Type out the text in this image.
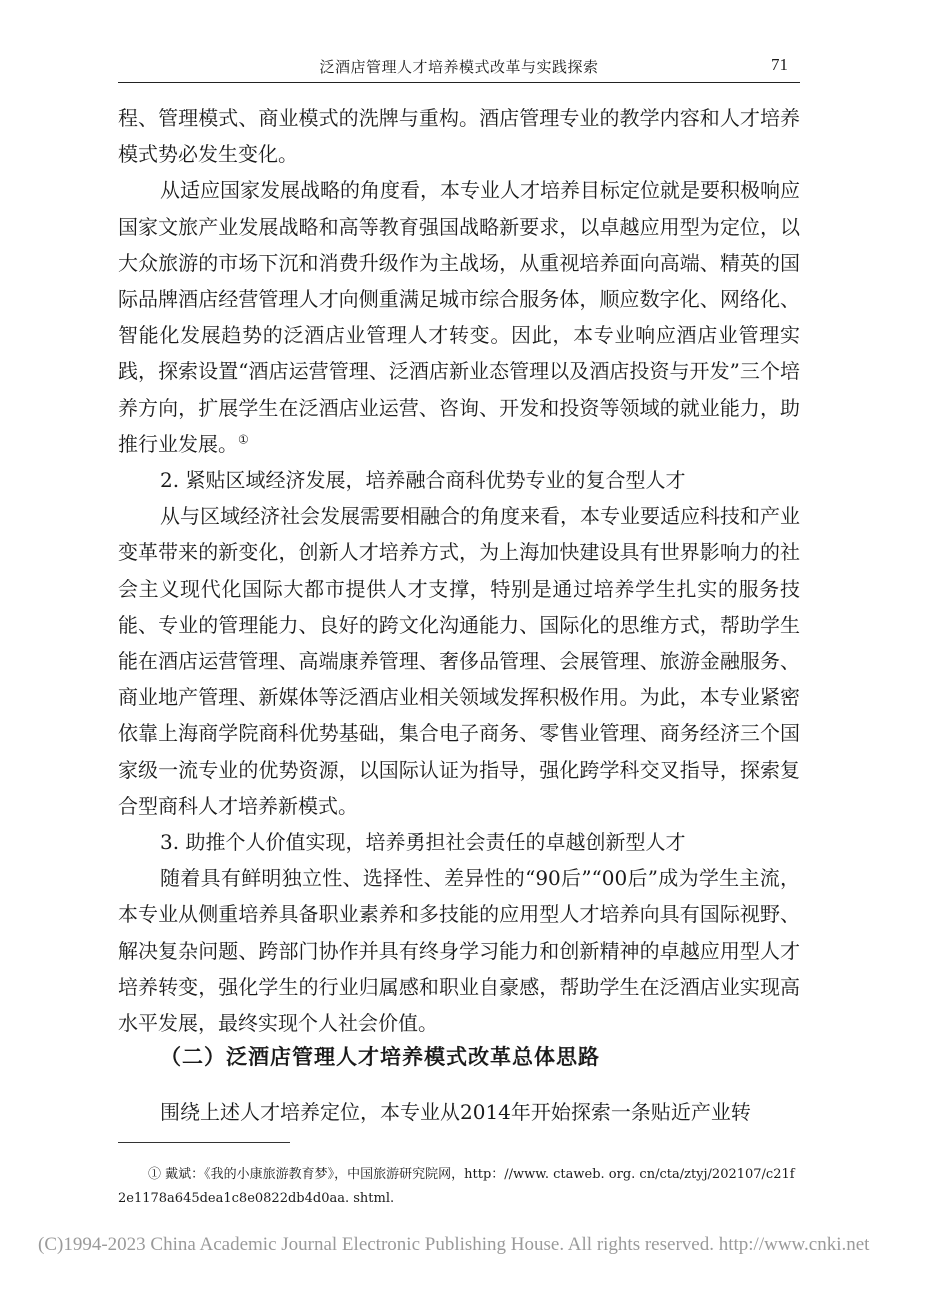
泛酒店管理人才培养模式改革与实践探索	71

程、管理模式、商业模式的洗牌与重构。酒店管理专业的教学内容和人才培养模式势必发生变化。

从适应国家发展战略的角度看，本专业人才培养目标定位就是要积极响应国家文旅产业发展战略和高等教育强国战略新要求，以卓越应用型为定位，以大众旅游的市场下沉和消费升级作为主战场，从重视培养面向高端、精英的国际品牌酒店经营管理人才向侧重满足城市综合服务体，顺应数字化、网络化、智能化发展趋势的泛酒店业管理人才转变。因此，本专业响应酒店业管理实践，探索设置“酒店运营管理、泛酒店新业态管理以及酒店投资与开发”三个培养方向，扩展学生在泛酒店业运营、咨询、开发和投资等领域的就业能力，助推行业发展。①

2. 紧贴区域经济发展，培养融合商科优势专业的复合型人才

从与区域经济社会发展需要相融合的角度来看，本专业要适应科技和产业变革带来的新变化，创新人才培养方式，为上海加快建设具有世界影响力的社会主义现代化国际大都市提供人才支撑，特别是通过培养学生扎实的服务技能、专业的管理能力、良好的跨文化沟通能力、国际化的思维方式，帮助学生能在酒店运营管理、高端康养管理、奢侈品管理、会展管理、旅游金融服务、商业地产管理、新媒体等泛酒店业相关领域发挥积极作用。为此，本专业紧密依靠上海商学院商科优势基础，集合电子商务、零售业管理、商务经济三个国家级一流专业的优势资源，以国际认证为指导，强化跨学科交叉指导，探索复合型商科人才培养新模式。

3. 助推个人价值实现，培养勇担社会责任的卓越创新型人才

随着具有鲜明独立性、选择性、差异性的“90后”“00后”成为学生主流，本专业从侧重培养具备职业素养和多技能的应用型人才培养向具有国际视野、解决复杂问题、跨部门协作并具有终身学习能力和创新精神的卓越应用型人才培养转变，强化学生的行业归属感和职业自豪感，帮助学生在泛酒店业实现高水平发展，最终实现个人社会价值。

（二）泛酒店管理人才培养模式改革总体思路

围绕上述人才培养定位，本专业从2014年开始探索一条贴近产业转

① 戴斌：《我的小康旅游教育梦》，中国旅游研究院网，http：//www. ctaweb. org. cn/cta/ztyj/202107/c21f2e1178a645dea1c8e0822db4d0aa. shtml.

(C)1994-2023 China Academic Journal Electronic Publishing House. All rights reserved. http://www.cnki.net
